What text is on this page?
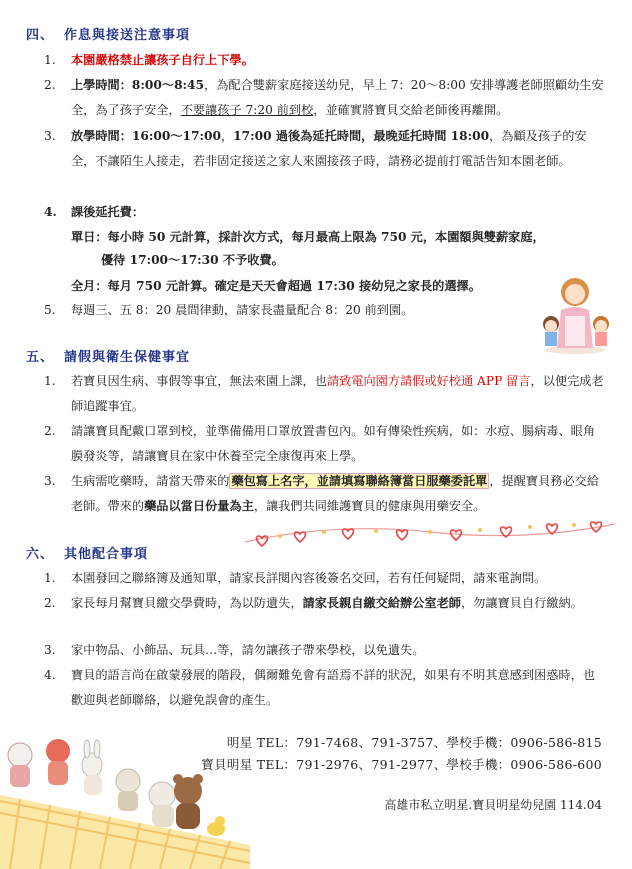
四、 作息與接送注意事項
1.	本園嚴格禁止讓孩子自行上下學。
2.	上學時間：8:00～8:45，為配合雙薪家庭接送幼兒，早上 7：20～8:00 安排導護老師照顧幼生安全，為了孩子安全，不要讓孩子 7:20 前到校，並確實將寶貝交給老師後再離開。
3.	放學時間：16:00～17:00，17:00 過後為延托時間，最晚延托時間 18:00，為顧及孩子的安全，不讓陌生人接走，若非固定接送之家人來園接孩子時，請務必提前打電話告知本園老師。
4.	課後延托費：
單日：每小時 50 元計算，採計次方式，每月最高上限為 750 元，本園額與雙薪家庭，
優待 17:00～17:30 不予收費。
全月：每月 750 元計算。確定是天天會超過 17:30 接幼兒之家長的選擇。
5.	每週三、五 8：20 晨間律動，請家長盡量配合 8：20 前到園。
五、 請假與衛生保健事宜
1.	若寶貝因生病、事假等事宜，無法來園上課，也請致電向園方請假或好校通 APP 留言，以便完成老師追蹤事宜。
2.	請讓寶貝配戴口罩到校，並準備備用口罩放置書包內。如有傳染性疾病，如：水痘、腸病毒、眼角膜發炎等，請讓寶貝在家中休養至完全康復再來上學。
3.	生病需吃藥時，請當天帶來的 藥包寫上名字，並請填寫聯絡簿當日服藥委託單 ，提醒寶貝務必交給老師。帶來的藥品以當日份量為主，讓我們共同維護寶貝的健康與用藥安全。
六、 其他配合事項
1.	本園發回之聯絡簿及通知單，請家長詳閱內容後簽名交回，若有任何疑問，請來電詢問。
2.	家長每月幫寶貝繳交學費時，為以防遺失，請家長親自繳交給辦公室老師，勿讓寶貝自行繳納。
3.	家中物品、小飾品、玩具…等，請勿讓孩子帶來學校，以免遺失。
4.	寶貝的語言尚在啟蒙發展的階段，偶爾難免會有語焉不詳的狀況，如果有不明其意感到困惑時，也歡迎與老師聯絡，以避免誤會的產生。
明星 TEL：791-7468、791-3757、學校手機：0906-586-815
寶貝明星 TEL：791-2976、791-2977、學校手機：0906-586-600
高雄市私立明星.寶貝明星幼兒園 114.04
